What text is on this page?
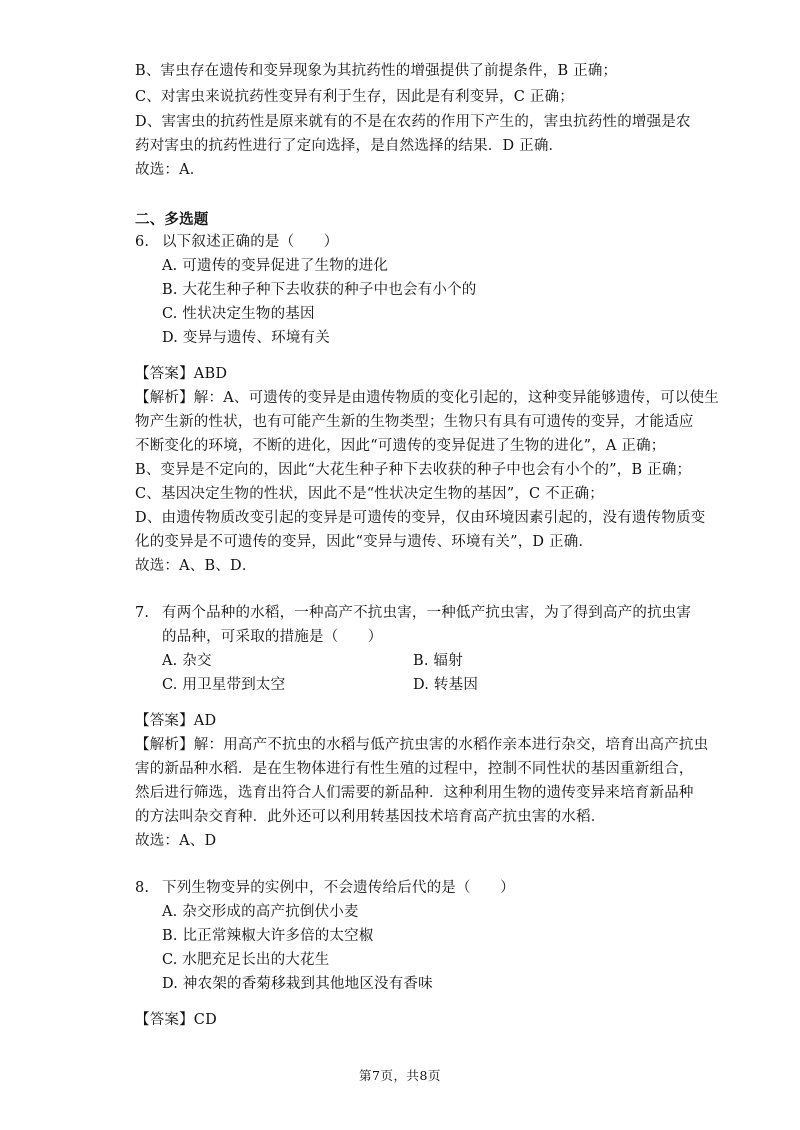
B、害虫存在遗传和变异现象为其抗药性的增强提供了前提条件，B 正确；
C、对害虫来说抗药性变异有利于生存，因此是有利变异，C 正确；
D、害害虫的抗药性是原来就有的不是在农药的作用下产生的，害虫抗药性的增强是农
药对害虫的抗药性进行了定向选择，是自然选择的结果．D 正确．
故选：A．
二、多选题
6. 以下叙述正确的是（　　）
A. 可遗传的变异促进了生物的进化
B. 大花生种子种下去收获的种子中也会有小个的
C. 性状决定生物的基因
D. 变异与遗传、环境有关
【答案】ABD
【解析】解：A、可遗传的变异是由遗传物质的变化引起的，这种变异能够遗传，可以使生
物产生新的性状，也有可能产生新的生物类型；生物只有具有可遗传的变异，才能适应
不断变化的环境，不断的进化，因此“可遗传的变异促进了生物的进化”，A 正确；
B、变异是不定向的，因此“大花生种子种下去收获的种子中也会有小个的”，B 正确；
C、基因决定生物的性状，因此不是“性状决定生物的基因”，C 不正确；
D、由遗传物质改变引起的变异是可遗传的变异，仅由环境因素引起的，没有遗传物质变
化的变异是不可遗传的变异，因此“变异与遗传、环境有关”，D 正确．
故选：A、B、D．
7. 有两个品种的水稻，一种高产不抗虫害，一种低产抗虫害，为了得到高产的抗虫害
的品种，可采取的措施是（　　）
A. 杂交	B. 辐射
C. 用卫星带到太空	D. 转基因
【答案】AD
【解析】解：用高产不抗虫的水稻与低产抗虫害的水稻作亲本进行杂交，培育出高产抗虫
害的新品种水稻．是在生物体进行有性生殖的过程中，控制不同性状的基因重新组合，
然后进行筛选，选育出符合人们需要的新品种．这种利用生物的遗传变异来培育新品种
的方法叫杂交育种．此外还可以利用转基因技术培育高产抗虫害的水稻．
故选：A、D
8. 下列生物变异的实例中，不会遗传给后代的是（　　）
A. 杂交形成的高产抗倒伏小麦
B. 比正常辣椒大许多倍的太空椒
C. 水肥充足长出的大花生
D. 神农架的香菊移栽到其他地区没有香味
【答案】CD
第7页，共8页
